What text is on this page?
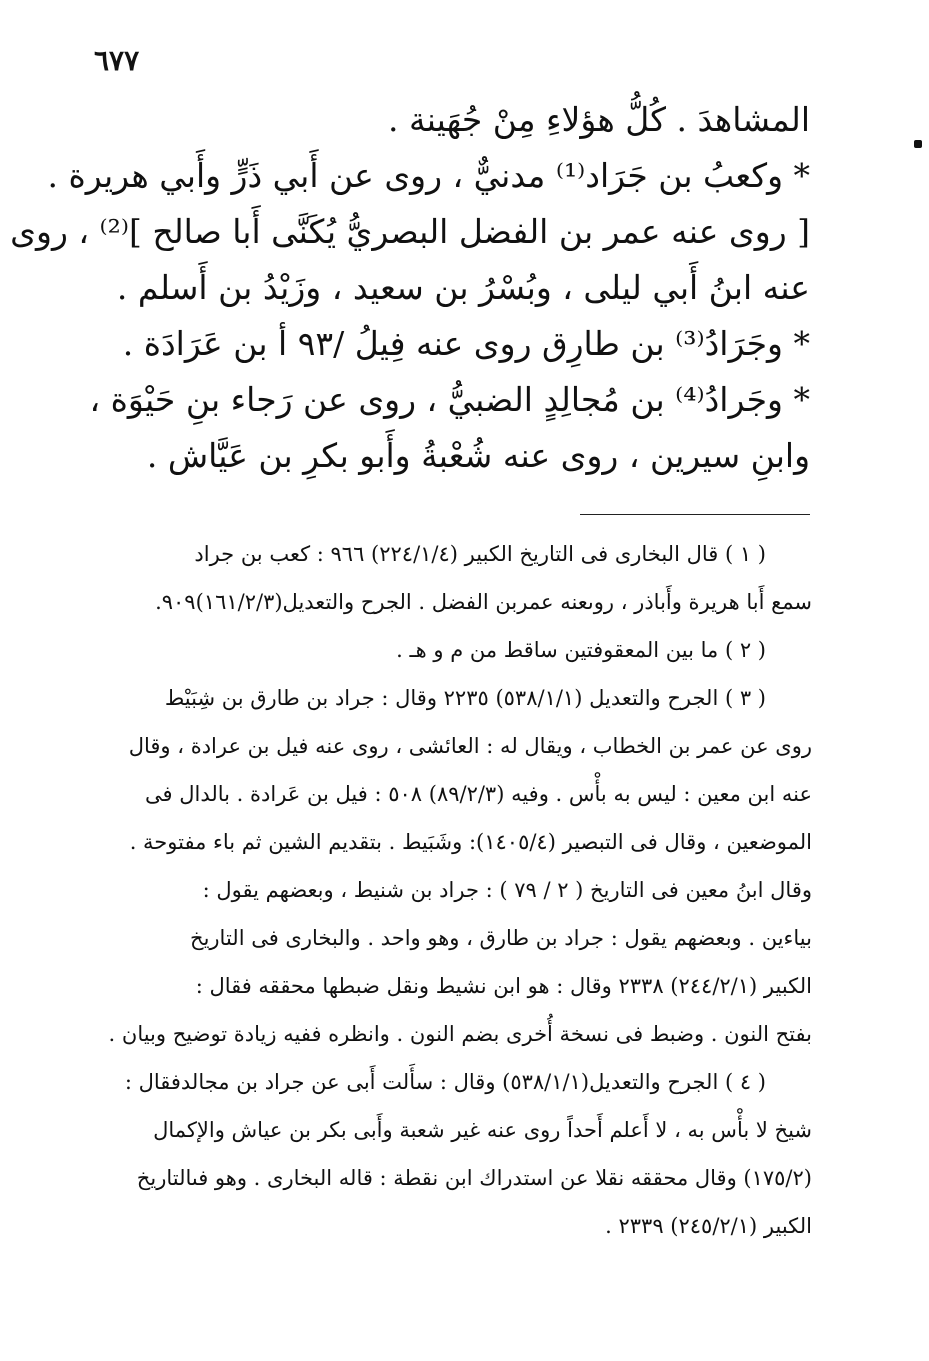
٦٧٧
المشاهدَ . كُلُّ هؤلاءِ مِنْ جُهَينة .
* وكعبُ بن جَرَاد⁽¹⁾ مدنيٌّ ، روى عن أَبي ذَرٍّ وأَبي هريرة .
[ روى عنه عمر بن الفضل البصريُّ يُكَنَّى أَبا صالح ]⁽²⁾ ، روى
عنه ابنُ أَبي ليلى ، وبُسْرُ بن سعيد ، وزَيْدُ بن أَسلم .
* وجَرَادُ⁽³⁾ بن طارِق روى عنه فِيلُ /٩٣ أ بن عَرَادَة .
* وجَرادُ⁽⁴⁾ بن مُجالِدٍ الضبيُّ ، روى عن رَجاء بنِ حَيْوَة ،
وابنِ سيرين ، روى عنه شُعْبةُ وأَبو بكرِ بن عَيَّاش .
( ١ ) قال البخارى فى التاريخ الكبير (٢٢٤/١/٤) ٩٦٦ : كعب بن جراد
سمع أَبا هريرة وأَباذر ، روىعنه عمربن الفضل . الجرح والتعديل(١٦١/٢/٣)٩٠٩.
( ٢ ) ما بين المعقوفتين ساقط من م و هـ .
( ٣ ) الجرح والتعديل (٥٣٨/١/١) ٢٢٣٥ وقال : جراد بن طارق بن شِبَيْط
روى عن عمر بن الخطاب ، ويقال له : العائشى ، روى عنه فيل بن عرادة ، وقال
عنه ابن معين : ليس به بأْس . وفيه (٨٩/٢/٣) ٥٠٨ : فيل بن عَرادة . بالدال فى
الموضعين ، وقال فى التبصير (١٤٠٥/٤): وشَبَيط . بتقديم الشين ثم باء مفتوحة .
وقال ابنُ معين فى التاريخ ( ٢ / ٧٩ ) : جراد بن شنيط ، وبعضهم يقول :
بياءين . وبعضهم يقول : جراد بن طارق ، وهو واحد . والبخارى فى التاريخ
الكبير (٢٤٤/٢/١) ٢٣٣٨ وقال : هو ابن نشيط ونقل ضبطها محققه فقال :
بفتح النون . وضبط فى نسخة أُخرى بضم النون . وانظره ففيه زيادة توضيح وبيان .
( ٤ ) الجرح والتعديل(٥٣٨/١/١) وقال : سأَلت أَبى عن جراد بن مجالدفقال :
شيخ لا بأْس به ، لا أَعلم أَحداً روى عنه غير شعبة وأَبى بكر بن عياش والإكمال
(١٧٥/٢) وقال محققه نقلا عن استدراك ابن نقطة : قاله البخارى . وهو فىالتاريخ
الكبير (٢٤٥/٢/١) ٢٣٣٩ .
